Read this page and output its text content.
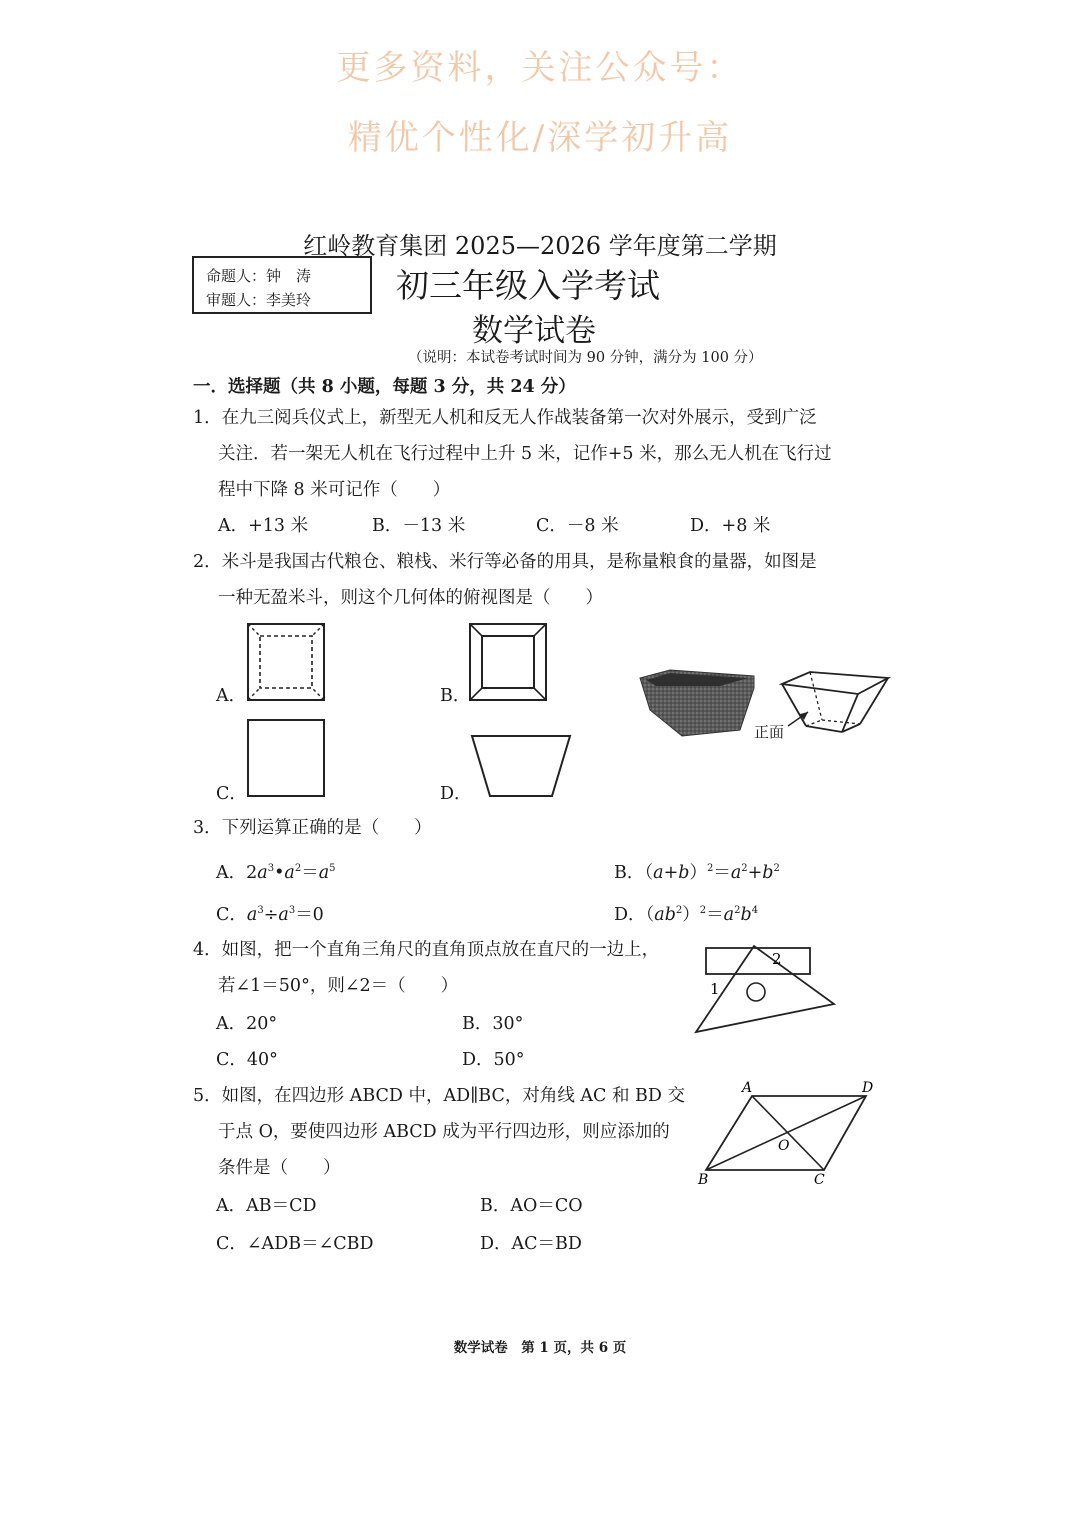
更多资料，关注公众号：
精优个性化/深学初升高
红岭教育集团 2025—2026 学年度第二学期
命题人：钟　涛
审题人：李美玲	初三年级入学考试
数学试卷
（说明：本试卷考试时间为 90 分钟，满分为 100 分）
一．选择题（共 8 小题，每题 3 分，共 24 分）
1．在九三阅兵仪式上，新型无人机和反无人作战装备第一次对外展示，受到广泛
关注．若一架无人机在飞行过程中上升 5 米，记作+5 米，那么无人机在飞行过
程中下降 8 米可记作（　　）
A．+13 米	B．－13 米	C．－8 米	D．+8 米
2．米斗是我国古代粮仓、粮栈、米行等必备的用具，是称量粮食的量器，如图是
一种无盈米斗，则这个几何体的俯视图是（　　）
A．	B．
C．	D．
正面
3．下列运算正确的是（　　）
A．$2a^3•a^2=a^5$	B．$(a+b)^2=a^2+b^2$
C．$a^3\div a^3=0$	D．$(ab^2)^2=a^2b^4$
4．如图，把一个直角三角尺的直角顶点放在直尺的一边上，
若∠1＝50°，则∠2＝（　　）
A．20°	B．30°
C．40°	D．50°
1
2
5．如图，在四边形 ABCD 中，AD∥BC，对角线 AC 和 BD 交
于点 O，要使四边形 ABCD 成为平行四边形，则应添加的
条件是（　　）
A．AB＝CD	B．AO＝CO
C．∠ADB＝∠CBD	D．AC＝BD
A	D
B	C
O
数学试卷　第 1 页，共 6 页
